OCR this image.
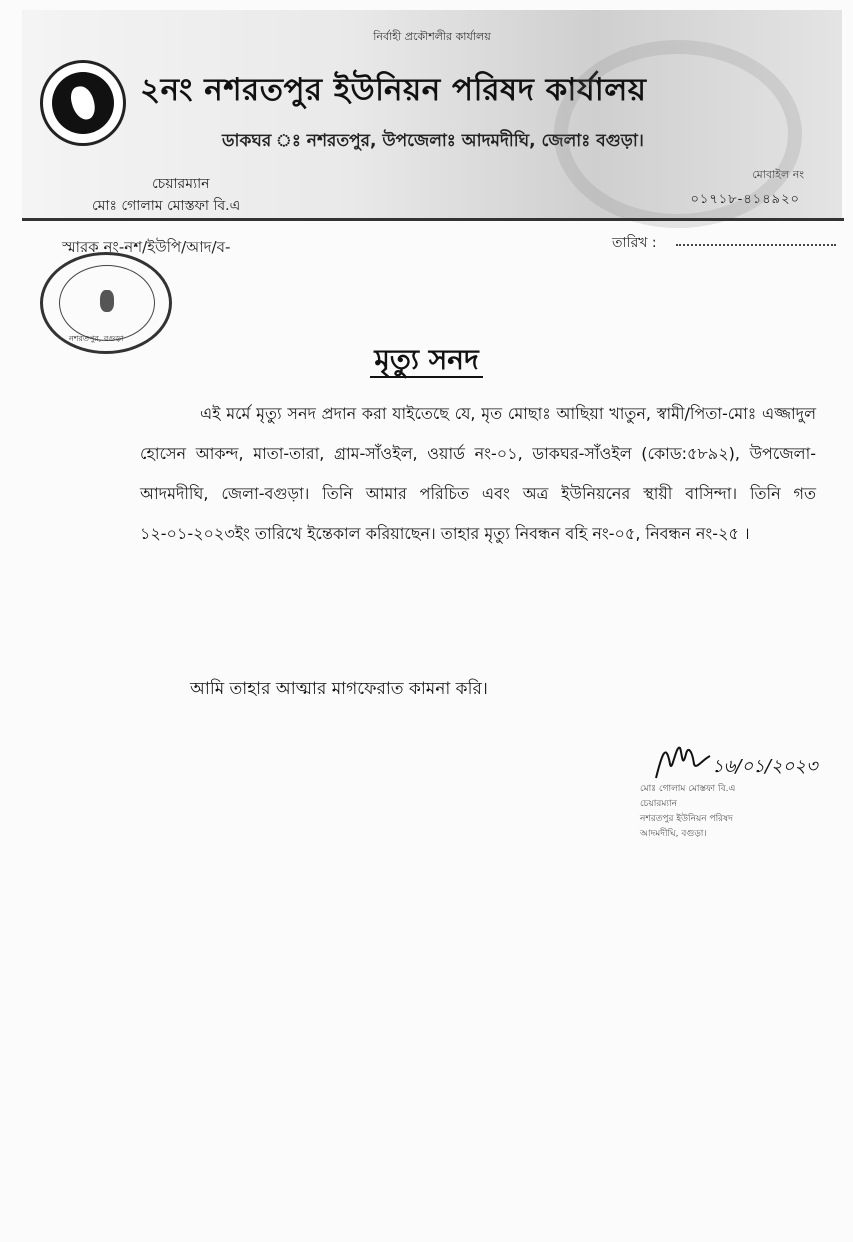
নির্বাহী প্রকৌশলীর কার্যালয়
২নং নশরতপুর ইউনিয়ন পরিষদ কার্যালয়
ডাকঘর ঃ নশরতপুর, উপজেলাঃ আদমদীঘি, জেলাঃ বগুড়া।
চেয়ারম্যান
মোঃ গোলাম মোস্তফা বি.এ
মোবাইল নং
০১৭১৮-৪১৪৯২০
স্মারক নং-নশ/ইউপি/আদ/ব-	তারিখ :
নশরতপুর, বগুড়া
মৃত্যু সনদ
এই মর্মে মৃত্যু সনদ প্রদান করা যাইতেছে যে, মৃত মোছাঃ আছিয়া খাতুন, স্বামী/পিতা-মোঃ এজ্জাদুল হোসেন আকন্দ, মাতা-তারা, গ্রাম-সাঁওইল, ওয়ার্ড নং-০১, ডাকঘর-সাঁওইল (কোড:৫৮৯২), উপজেলা-আদমদীঘি, জেলা-বগুড়া। তিনি আমার পরিচিত এবং অত্র ইউনিয়নের স্থায়ী বাসিন্দা। তিনি গত ১২-০১-২০২৩ইং তারিখে ইন্তেকাল করিয়াছেন। তাহার মৃত্যু নিবন্ধন বহি নং-০৫, নিবন্ধন নং-২৫ ।
আমি তাহার আত্মার মাগফেরাত কামনা করি।
১৬/০১/২০২৩
মোঃ গোলাম মোস্তফা বি.এ
চেয়ারম্যান
নশরতপুর ইউনিয়ন পরিষদ
আদমদীঘি, বগুড়া।
